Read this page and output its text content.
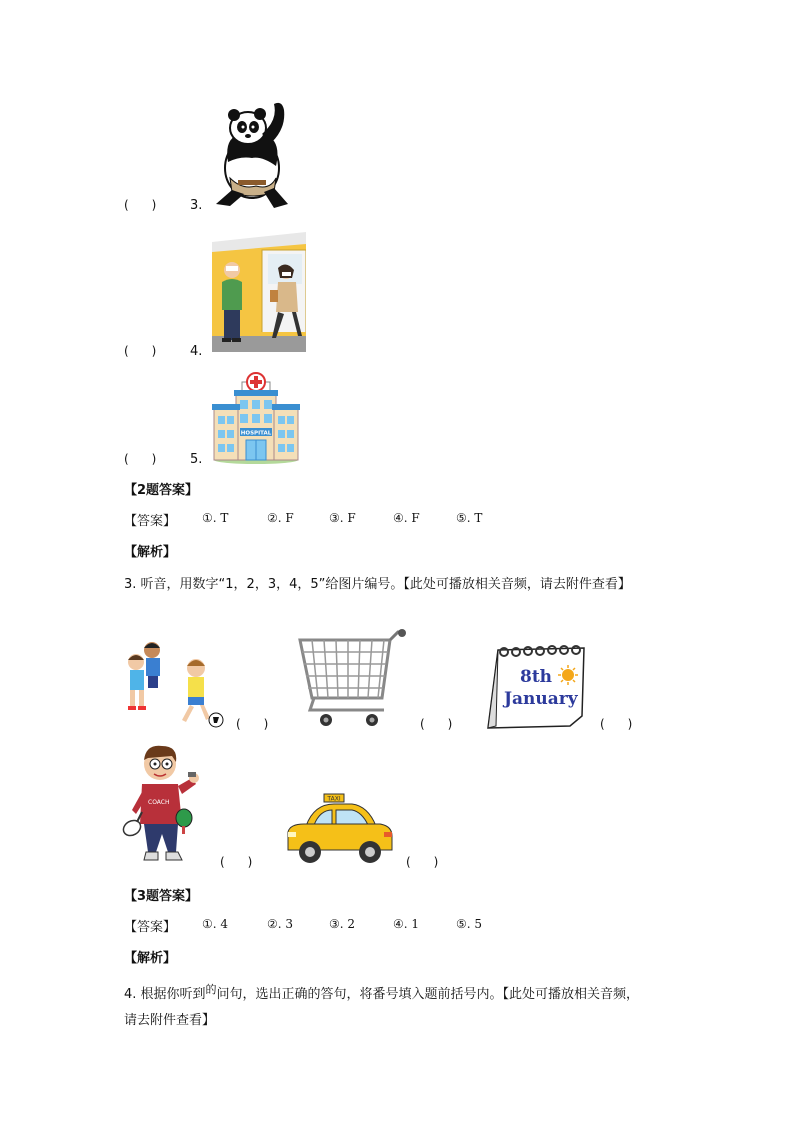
(      )	3.
(      )	4.
(      )	5.
HOSPITAL
【2题答案】
【答案】 ①. T	②. F	③. F	④. F	⑤. T
【解析】
3. 听音，用数字“1，2，3，4，5”给图片编号。【此处可播放相关音频，请去附件查看】
(      )	(      )
8th
January
(      )
COACH
(      )
TAXI
(      )
【3题答案】
【答案】 ①. 4	②. 3	③. 2	④. 1	⑤. 5
【解析】
4. 根据你听到$^的$问句，选出正确的答句，将番号填入题前括号内。【此处可播放相关音频，
请去附件查看】
